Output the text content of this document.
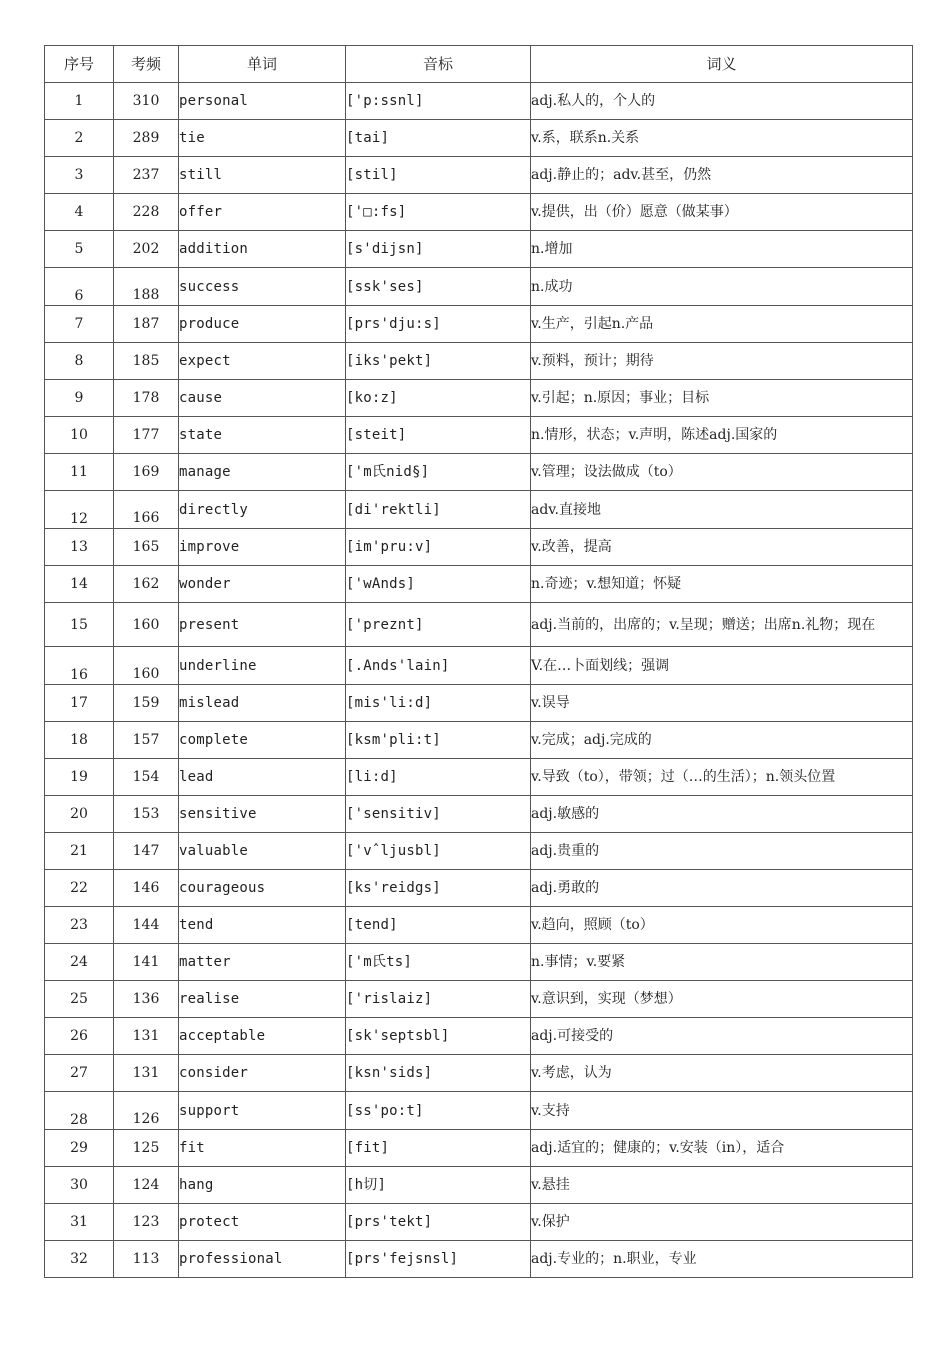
序号	考频	单词	音标	词义
1	310	personal	['p:ssnl]	adj.私人的，个人的
2	289	tie	[tai]	v.系，联系n.关系
3	237	still	[stil]	adj.静止的；adv.甚至，仍然
4	228	offer	['□:fs]	v.提供，出（价）愿意（做某事）
5	202	addition	[s'dijsn]	n.增加
6	188	success	[ssk'ses]	n.成功
7	187	produce	[prs'dju:s]	v.生产，引起n.产品
8	185	expect	[iks'pekt]	v.预料，预计；期待
9	178	cause	[ko:z]	v.引起；n.原因；事业；目标
10	177	state	[steit]	n.情形，状态；v.声明，陈述adj.国家的
11	169	manage	['m氏nid§]	v.管理；设法做成（to）
12	166	directly	[di'rektli]	adv.直接地
13	165	improve	[im'pru:v]	v.改善，提高
14	162	wonder	['wAnds]	n.奇迹；v.想知道；怀疑
15	160	present	['preznt]	adj.当前的，出席的；v.呈现；赠送；出席n.礼物；现在
16	160	underline	[.Ands'lain]	V.在…卜面划线；强调
17	159	mislead	[mis'li:d]	v.误导
18	157	complete	[ksm'pli:t]	v.完成；adj.完成的
19	154	lead	[li:d]	v.导致（to），带领；过（…的生活）；n.领头位置
20	153	sensitive	['sensitiv]	adj.敏感的
21	147	valuable	['vˆljusbl]	adj.贵重的
22	146	courageous	[ks'reidgs]	adj.勇敢的
23	144	tend	[tend]	v.趋向，照顾（to）
24	141	matter	['m氏ts]	n.事情；v.要紧
25	136	realise	['rislaiz]	v.意识到，实现（梦想）
26	131	acceptable	[sk'septsbl]	adj.可接受的
27	131	consider	[ksn'sids]	v.考虑，认为
28	126	support	[ss'po:t]	v.支持
29	125	fit	[fit]	adj.适宜的；健康的；v.安装（in），适合
30	124	hang	[h切]	v.悬挂
31	123	protect	[prs'tekt]	v.保护
32	113	professional	[prs'fejsnsl]	adj.专业的；n.职业，专业
